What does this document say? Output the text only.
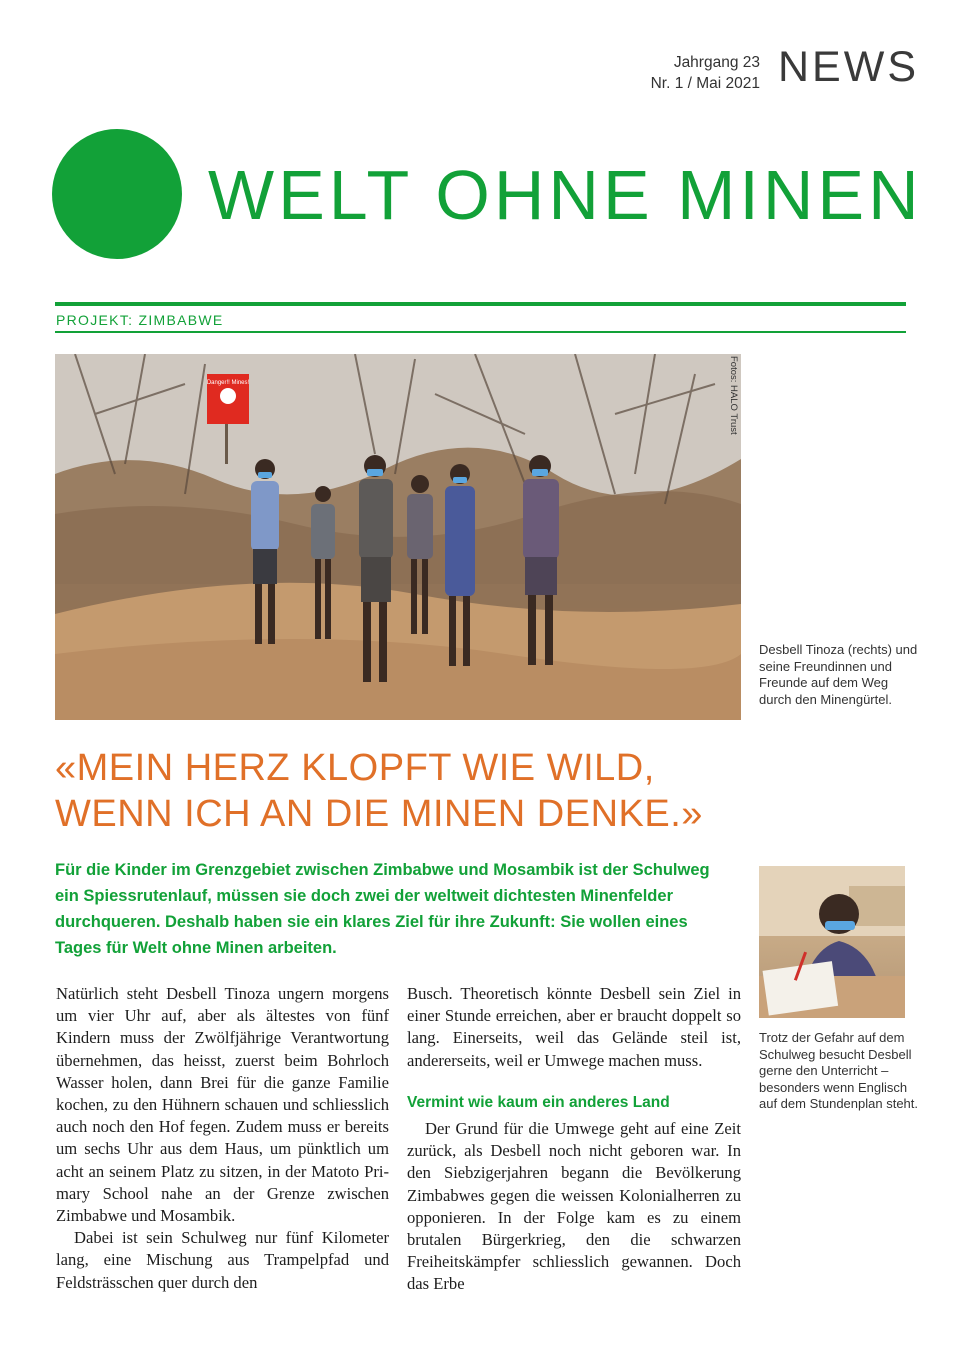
Jahrgang 23
Nr. 1 / Mai 2021 NEWS
WELT OHNE MINEN
PROJEKT: ZIMBABWE
Danger!! Mines!	Fotos: HALO Trust
Desbell Tinoza (rechts) und seine Freundinnen und Freunde auf dem Weg durch den Minengürtel.
«MEIN HERZ KLOPFT WIE WILD,
WENN ICH AN DIE MINEN DENKE.»
Für die Kinder im Grenzgebiet zwischen Zimbabwe und Mosambik ist der Schulweg ein Spiessrutenlauf, müssen sie doch zwei der weltweit dichtesten Minenfelder durchqueren. Deshalb haben sie ein klares Ziel für ihre Zukunft: Sie wollen eines Tages für Welt ohne Minen arbeiten.
Trotz der Gefahr auf dem Schulweg besucht Desbell gerne den Unterricht – besonders wenn Englisch auf dem Stundenplan steht.

Natürlich steht Desbell Tinoza ungern morgens um vier Uhr auf, aber als ältestes von fünf Kindern muss der Zwölfjährige Verantwortung übernehmen, das heisst, zuerst beim Bohrloch Wasser holen, dann Brei für die ganze Familie kochen, zu den Hühnern schauen und schliesslich auch noch den Hof fegen. Zudem muss er bereits um sechs Uhr aus dem Haus, um pünktlich um acht an seinem Platz zu sitzen, in der Matoto Primary School nahe an der Grenze zwischen Zimbabwe und Mosambik.

Dabei ist sein Schulweg nur fünf Kilometer lang, eine Mischung aus Trampelpfad und Feldsträsschen quer durch den

Busch. Theoretisch könnte Desbell sein Ziel in einer Stunde erreichen, aber er braucht doppelt so lang. Einerseits, weil das Gelände steil ist, andererseits, weil er Umwege machen muss.

Vermint wie kaum ein anderes Land

Der Grund für die Umwege geht auf eine Zeit zurück, als Desbell noch nicht geboren war. In den Siebzigerjahren begann die Bevölkerung Zimbabwes gegen die weissen Kolonialherren zu opponieren. In der Folge kam es zu einem brutalen Bürgerkrieg, den die schwarzen Freiheitskämpfer schliesslich gewannen. Doch das Erbe
